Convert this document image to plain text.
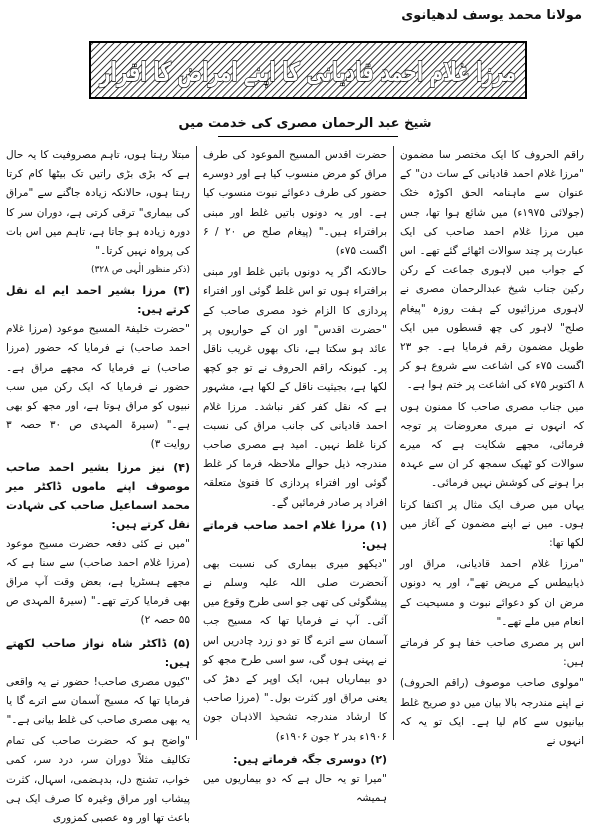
مولانا محمد یوسف لدھیانوی
مرزا غلام احمد قادیانی کا اپنے امراض کا اقرار
شیخ عبد الرحمان مصری کی خدمت میں

راقم الحروف کا ایک مختصر سا مضمون "مرزا غلام احمد قادیانی کے سات دن" کے عنوان سے ماہنامہ الحق اکوڑہ خٹک (جولائی ۱۹۷۵ء) میں شائع ہوا تھا، جس میں مرزا غلام احمد صاحب کی ایک عبارت پر چند سوالات اٹھائے گئے تھے۔ اس کے جواب میں لاہوری جماعت کے رکن رکین جناب شیخ عبدالرحمان مصری نے لاہوری مرزائیوں کے ہفت روزہ "پیغام صلح" لاہور کی چھ قسطوں میں ایک طویل مضمون رقم فرمایا ہے۔ جو ۲۳ اگست ۷۵ء کی اشاعت سے شروع ہو کر ۸ اکتوبر ۷۵ء کی اشاعت پر ختم ہوا ہے۔

میں جناب مصری صاحب کا ممنون ہوں کہ انہوں نے میری معروضات پر توجہ فرمائی، مجھے شکایت ہے کہ میرے سوالات کو ٹھیک سمجھ کر ان سے عہدہ برا ہونے کی کوشش نہیں فرمائی۔

یہاں میں صرف ایک مثال پر اکتفا کرتا ہوں۔ میں نے اپنے مضمون کے آغاز میں لکھا تھا:

"مرزا غلام احمد قادیانی، مراق اور ذیابیطس کے مریض تھے"، اور یہ دونوں مرض ان کو دعوائے نبوت و مسیحیت کے انعام میں ملے تھے۔"

اس پر مصری صاحب خفا ہو کر فرماتے ہیں:

"مولوی صاحب موصوف (راقم الحروف) نے اپنے مندرجہ بالا بیان میں دو صریح غلط بیانیوں سے کام لیا ہے۔ ایک تو یہ کہ انہوں نے

حضرت اقدس المسیح الموعود کی طرف مراق کو مرض منسوب کیا ہے اور دوسرے حضور کی طرف دعوائے نبوت منسوب کیا ہے۔ اور یہ دونوں باتیں غلط اور مبنی برافتراء ہیں۔" (پیغام صلح ص ۲۰ / ۶ اگست ۷۵ء)

حالانکہ اگر یہ دونوں باتیں غلط اور مبنی برافتراء ہوں تو اس غلط گوئی اور افتراء پردازی کا الزام خود مصری صاحب کے "حضرت اقدس" اور ان کے حواریوں پر عائد ہو سکتا ہے، ناک بھوں غریب ناقل پر۔ کیونکہ راقم الحروف نے تو جو کچھ لکھا ہے، بجیثیت ناقل کے لکھا ہے، مشہور ہے کہ نقل کفر کفر نباشد۔ مرزا غلام احمد قادیانی کی جانب مراق کی نسبت کرنا غلط نہیں۔ امید ہے مصری صاحب مندرجہ ذیل حوالے ملاحظہ فرما کر غلط گوئی اور افتراء پردازی کا فتویٰ متعلقہ افراد پر صادر فرمائیں گے۔

(۱) مرزا غلام احمد صاحب فرماتے ہیں:

"دیکھو میری بیماری کی نسبت بھی آنحضرت صلی اللہ علیہ وسلم نے پیشگوئی کی تھی جو اسی طرح وقوع میں آئی۔ آپ نے فرمایا تھا کہ مسیح جب آسمان سے اترے گا تو دو زرد چادریں اس نے پہنی ہوں گی، سو اسی طرح مجھ کو دو بیماریاں ہیں، ایک اوپر کے دھڑ کی یعنی مراق اور کثرت بول۔" (مرزا صاحب کا ارشاد مندرجہ تشحیذ الاذہان جون ۱۹۰۶ء بدر ۲ جون ۱۹۰۶ء)

(۲) دوسری جگہ فرماتے ہیں:

"میرا تو یہ حال ہے کہ دو بیماریوں میں ہمیشہ

مبتلا رہتا ہوں، تاہم مصروفیت کا یہ حال ہے کہ بڑی بڑی راتیں تک بیٹھا کام کرتا رہتا ہوں، حالانکہ زیادہ جاگنے سے "مراق کی بیماری" ترقی کرتی ہے، دوران سر کا دورہ زیادہ ہو جاتا ہے، تاہم میں اس بات کی پرواہ نہیں کرتا۔"

(ذکر منظور الٰہی ص ۳۲۸)

(۳) مرزا بشیر احمد ایم اے نقل کرتے ہیں:

"حضرت خلیفۃ المسیح موعود (مرزا غلام احمد صاحب) نے فرمایا کہ حضور (مرزا صاحب) نے فرمایا کہ مجھے مراق ہے۔ حضور نے فرمایا کہ ایک رکن میں سب نبیوں کو مراق ہوتا ہے، اور مجھ کو بھی ہے۔" (سیرۃ المہدی ص ۳۰ حصہ ۳ روایت ۳)

(۴) نیز مرزا بشیر احمد صاحب موصوف اپنے ماموں ڈاکٹر میر محمد اسماعیل صاحب کی شہادت نقل کرتے ہیں:

"میں نے کئی دفعہ حضرت مسیح موعود (مرزا غلام احمد صاحب) سے سنا ہے کہ مجھے ہسٹریا ہے، بعض وقت آپ مراق بھی فرمایا کرتے تھے۔" (سیرۃ المہدی ص ۵۵ حصہ ۲)

(۵) ڈاکٹر شاہ نواز صاحب لکھتے ہیں:

"کیوں مصری صاحب! حضور نے یہ واقعی فرمایا تھا کہ مسیح آسمان سے اترے گا یا یہ بھی مصری صاحب کی غلط بیانی ہے۔"

"واضح ہو کہ حضرت صاحب کی تمام تکالیف مثلاً دوران سر، درد سر، کمی خواب، تشنج دل، بدہضمی، اسہال، کثرت پیشاب اور مراق وغیرہ کا صرف ایک ہی باعث تھا اور وہ عصبی کمزوری
